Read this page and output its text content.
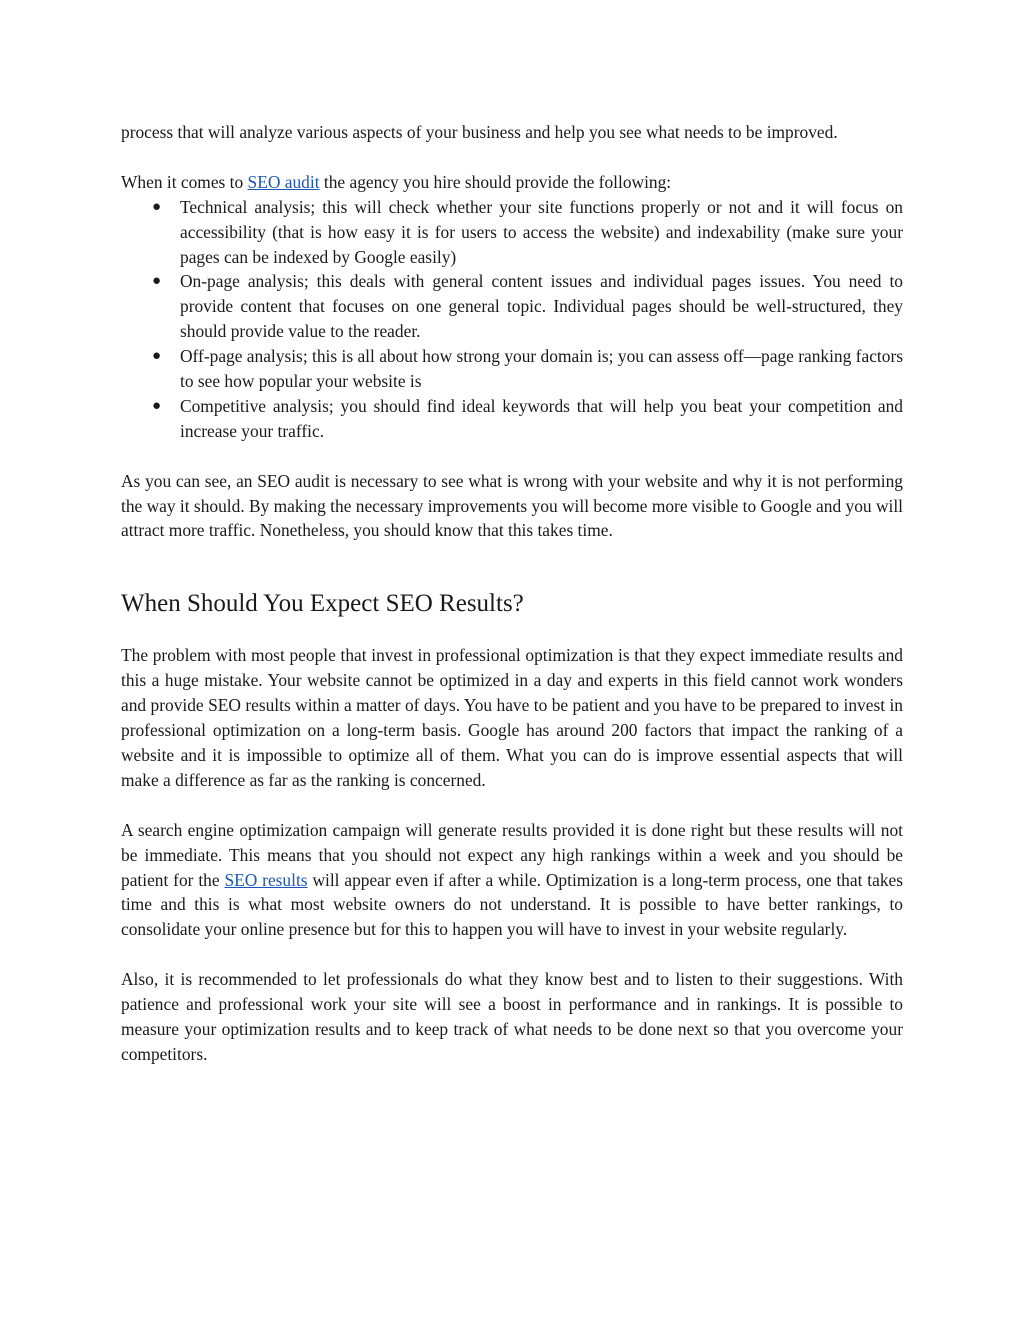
process that will analyze various aspects of your business and help you see what needs to be improved.

When it comes to SEO audit the agency you hire should provide the following:

● Technical analysis; this will check whether your site functions properly or not and it will focus on accessibility (that is how easy it is for users to access the website) and indexability (make sure your pages can be indexed by Google easily)
● On-page analysis; this deals with general content issues and individual pages issues. You need to provide content that focuses on one general topic. Individual pages should be well-structured, they should provide value to the reader.
● Off-page analysis; this is all about how strong your domain is; you can assess off—page ranking factors to see how popular your website is
● Competitive analysis; you should find ideal keywords that will help you beat your competition and increase your traffic.

As you can see, an SEO audit is necessary to see what is wrong with your website and why it is not performing the way it should. By making the necessary improvements you will become more visible to Google and you will attract more traffic. Nonetheless, you should know that this takes time.

When Should You Expect SEO Results?

The problem with most people that invest in professional optimization is that they expect immediate results and this a huge mistake. Your website cannot be optimized in a day and experts in this field cannot work wonders and provide SEO results within a matter of days. You have to be patient and you have to be prepared to invest in professional optimization on a long-term basis. Google has around 200 factors that impact the ranking of a website and it is impossible to optimize all of them. What you can do is improve essential aspects that will make a difference as far as the ranking is concerned.

A search engine optimization campaign will generate results provided it is done right but these results will not be immediate. This means that you should not expect any high rankings within a week and you should be patient for the SEO results will appear even if after a while. Optimization is a long-term process, one that takes time and this is what most website owners do not understand. It is possible to have better rankings, to consolidate your online presence but for this to happen you will have to invest in your website regularly.

Also, it is recommended to let professionals do what they know best and to listen to their suggestions. With patience and professional work your site will see a boost in performance and in rankings. It is possible to measure your optimization results and to keep track of what needs to be done next so that you overcome your competitors.
